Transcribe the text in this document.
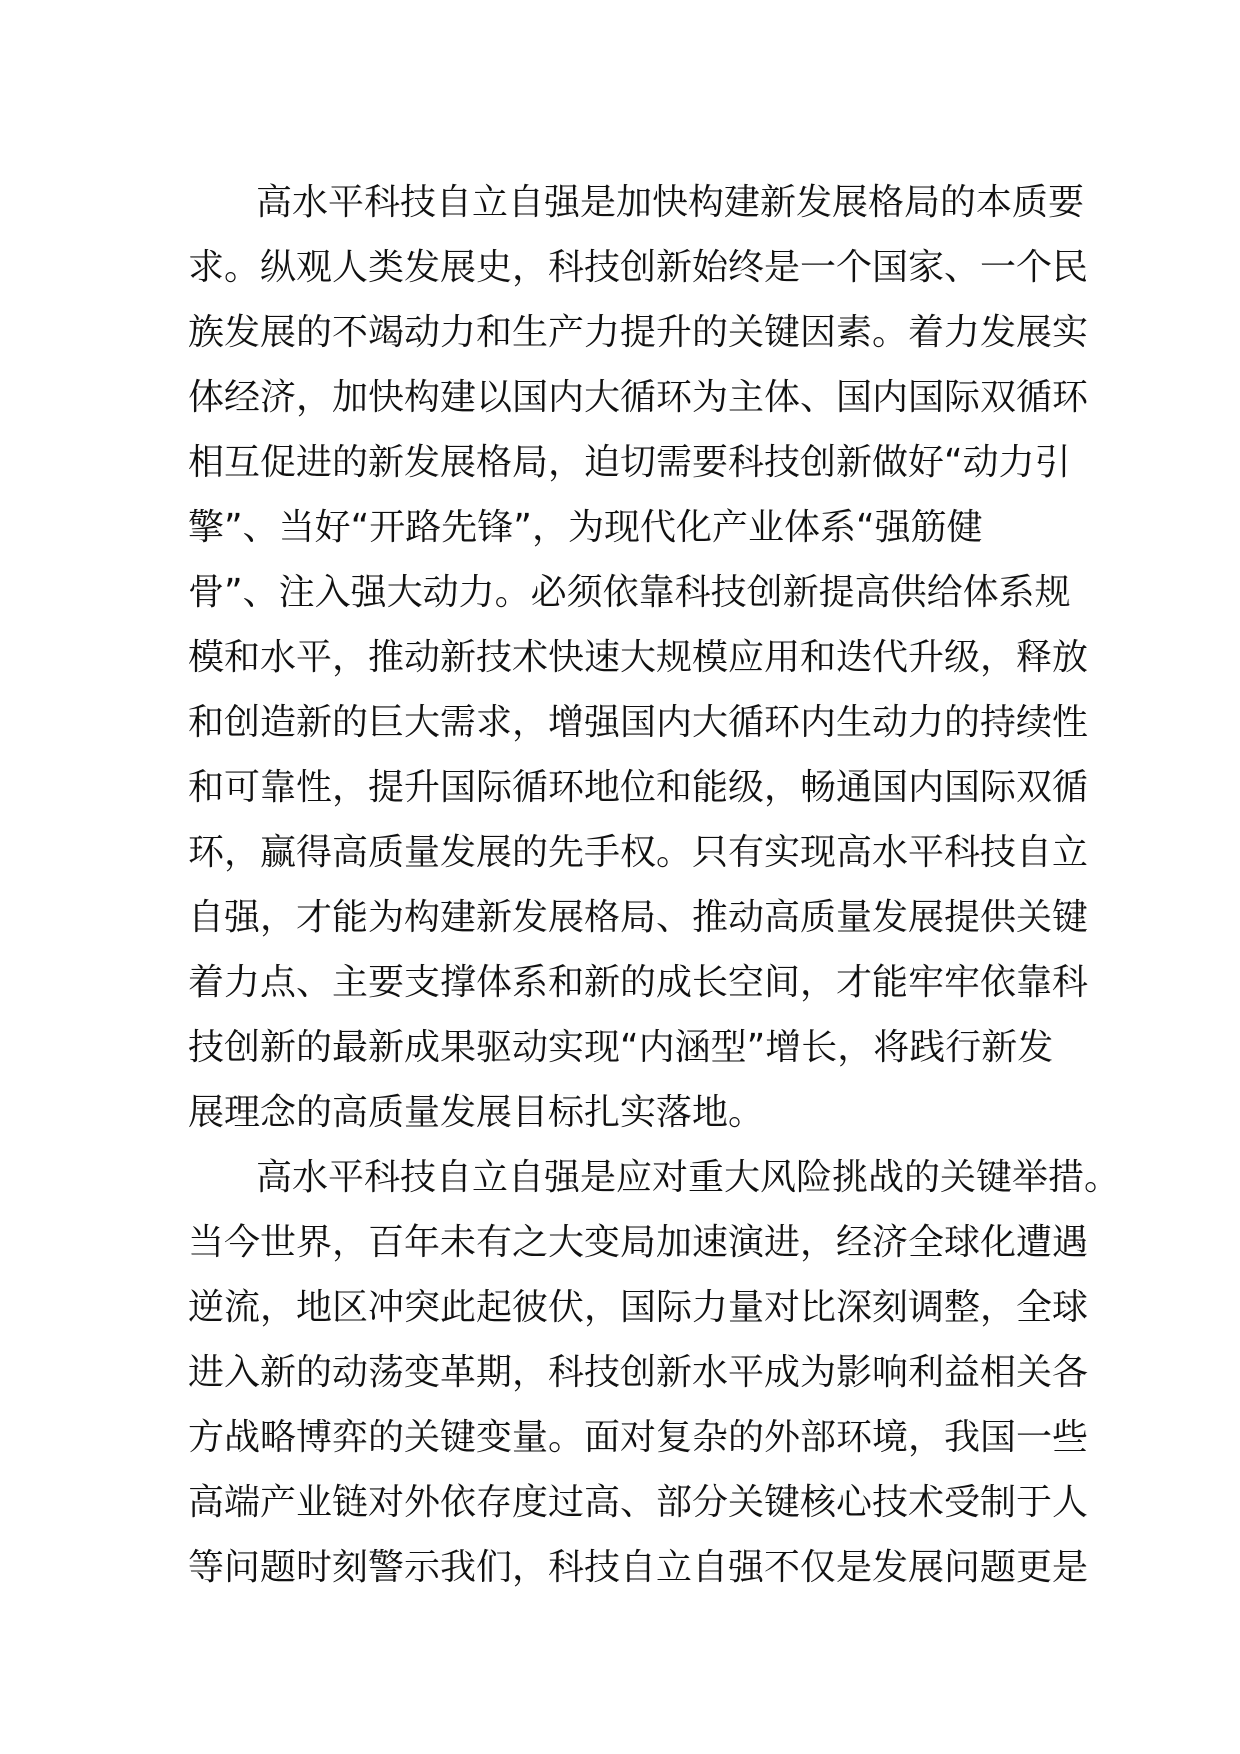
高水平科技自立自强是加快构建新发展格局的本质要
求。纵观人类发展史，科技创新始终是一个国家、一个民
族发展的不竭动力和生产力提升的关键因素。着力发展实
体经济，加快构建以国内大循环为主体、国内国际双循环
相互促进的新发展格局，迫切需要科技创新做好“动力引
擎”、当好“开路先锋”，为现代化产业体系“强筋健
骨”、注入强大动力。必须依靠科技创新提高供给体系规
模和水平，推动新技术快速大规模应用和迭代升级，释放
和创造新的巨大需求，增强国内大循环内生动力的持续性
和可靠性，提升国际循环地位和能级，畅通国内国际双循
环，赢得高质量发展的先手权。只有实现高水平科技自立
自强，才能为构建新发展格局、推动高质量发展提供关键
着力点、主要支撑体系和新的成长空间，才能牢牢依靠科
技创新的最新成果驱动实现“内涵型”增长，将践行新发
展理念的高质量发展目标扎实落地。
高水平科技自立自强是应对重大风险挑战的关键举措。
当今世界，百年未有之大变局加速演进，经济全球化遭遇
逆流，地区冲突此起彼伏，国际力量对比深刻调整，全球
进入新的动荡变革期，科技创新水平成为影响利益相关各
方战略博弈的关键变量。面对复杂的外部环境，我国一些
高端产业链对外依存度过高、部分关键核心技术受制于人
等问题时刻警示我们，科技自立自强不仅是发展问题更是
